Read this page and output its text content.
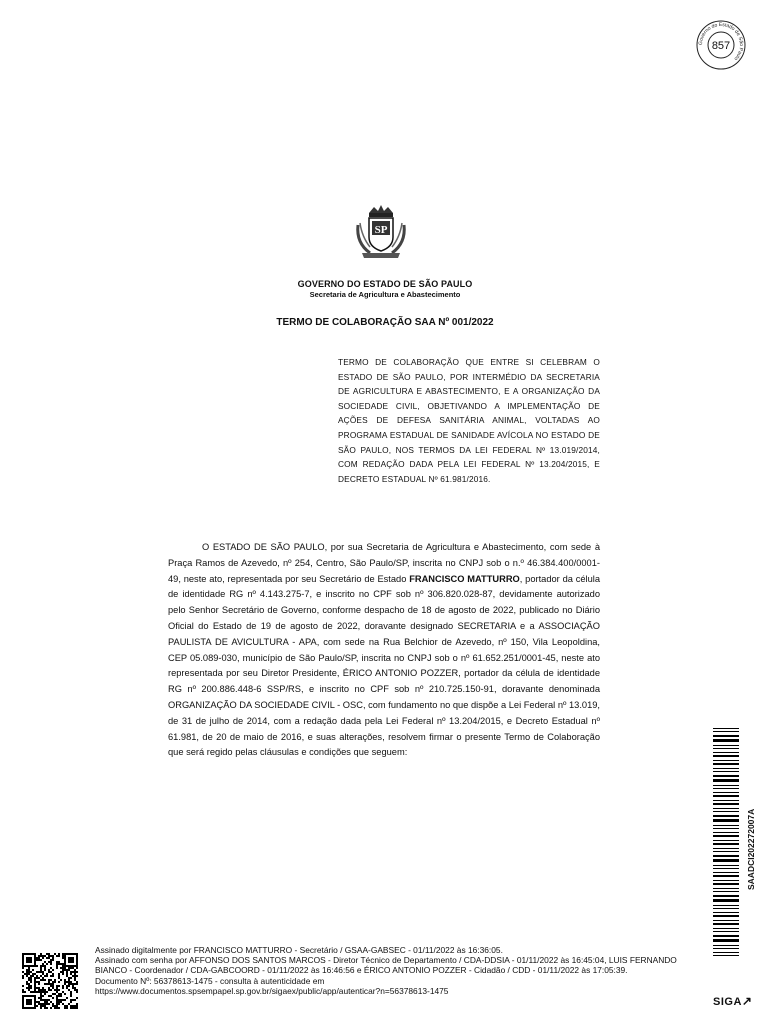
Governo do Estado de São Paulo
857
SP
GOVERNO DO ESTADO DE SÃO PAULO
Secretaria de Agricultura e Abastecimento
TERMO DE COLABORAÇÃO SAA Nº 001/2022
TERMO DE COLABORAÇÃO QUE ENTRE SI CELEBRAM O ESTADO DE SÃO PAULO, POR INTERMÉDIO DA SECRETARIA DE AGRICULTURA E ABASTECIMENTO, E A ORGANIZAÇÃO DA SOCIEDADE CIVIL, OBJETIVANDO A IMPLEMENTAÇÃO DE AÇÕES DE DEFESA SANITÁRIA ANIMAL, VOLTADAS AO PROGRAMA ESTADUAL DE SANIDADE AVÍCOLA NO ESTADO DE SÃO PAULO, NOS TERMOS DA LEI FEDERAL Nº 13.019/2014, COM REDAÇÃO DADA PELA LEI FEDERAL Nº 13.204/2015, E DECRETO ESTADUAL Nº 61.981/2016.

O ESTADO DE SÃO PAULO, por sua Secretaria de Agricultura e Abastecimento, com sede à Praça Ramos de Azevedo, nº 254, Centro, São Paulo/SP, inscrita no CNPJ sob o n.º 46.384.400/0001-49, neste ato, representada por seu Secretário de Estado FRANCISCO MATTURRO, portador da célula de identidade RG nº 4.143.275-7, e inscrito no CPF sob nº 306.820.028-87, devidamente autorizado pelo Senhor Secretário de Governo, conforme despacho de 18 de agosto de 2022, publicado no Diário Oficial do Estado de 19 de agosto de 2022, doravante designado SECRETARIA e a ASSOCIAÇÃO PAULISTA DE AVICULTURA - APA, com sede na Rua Belchior de Azevedo, nº 150, Vila Leopoldina, CEP 05.089-030, município de São Paulo/SP, inscrita no CNPJ sob o nº 61.652.251/0001-45, neste ato representada por seu Diretor Presidente, ÉRICO ANTONIO POZZER, portador da célula de identidade RG nº 200.886.448-6 SSP/RS, e inscrito no CPF sob nº 210.725.150-91, doravante denominada ORGANIZAÇÃO DA SOCIEDADE CIVIL - OSC, com fundamento no que dispõe a Lei Federal nº 13.019, de 31 de julho de 2014, com a redação dada pela Lei Federal nº 13.204/2015, e Decreto Estadual nº 61.981, de 20 de maio de 2016, e suas alterações, resolvem firmar o presente Termo de Colaboração que será regido pelas cláusulas e condições que seguem:

SAADCI202272007A
Assinado digitalmente por FRANCISCO MATTURRO - Secretário / GSAA-GABSEC - 01/11/2022 às 16:36:05.
Assinado com senha por AFFONSO DOS SANTOS MARCOS - Diretor Técnico de Departamento / CDA-DDSIA - 01/11/2022 às 16:45:04, LUIS FERNANDO BIANCO - Coordenador / CDA-GABCOORD - 01/11/2022 às 16:46:56 e ÉRICO ANTONIO POZZER - Cidadão / CDD - 01/11/2022 às 17:05:39.
Documento Nº: 56378613-1475 - consulta à autenticidade em
https://www.documentos.spsempapel.sp.gov.br/sigaex/public/app/autenticar?n=56378613-1475
SIGA↗
